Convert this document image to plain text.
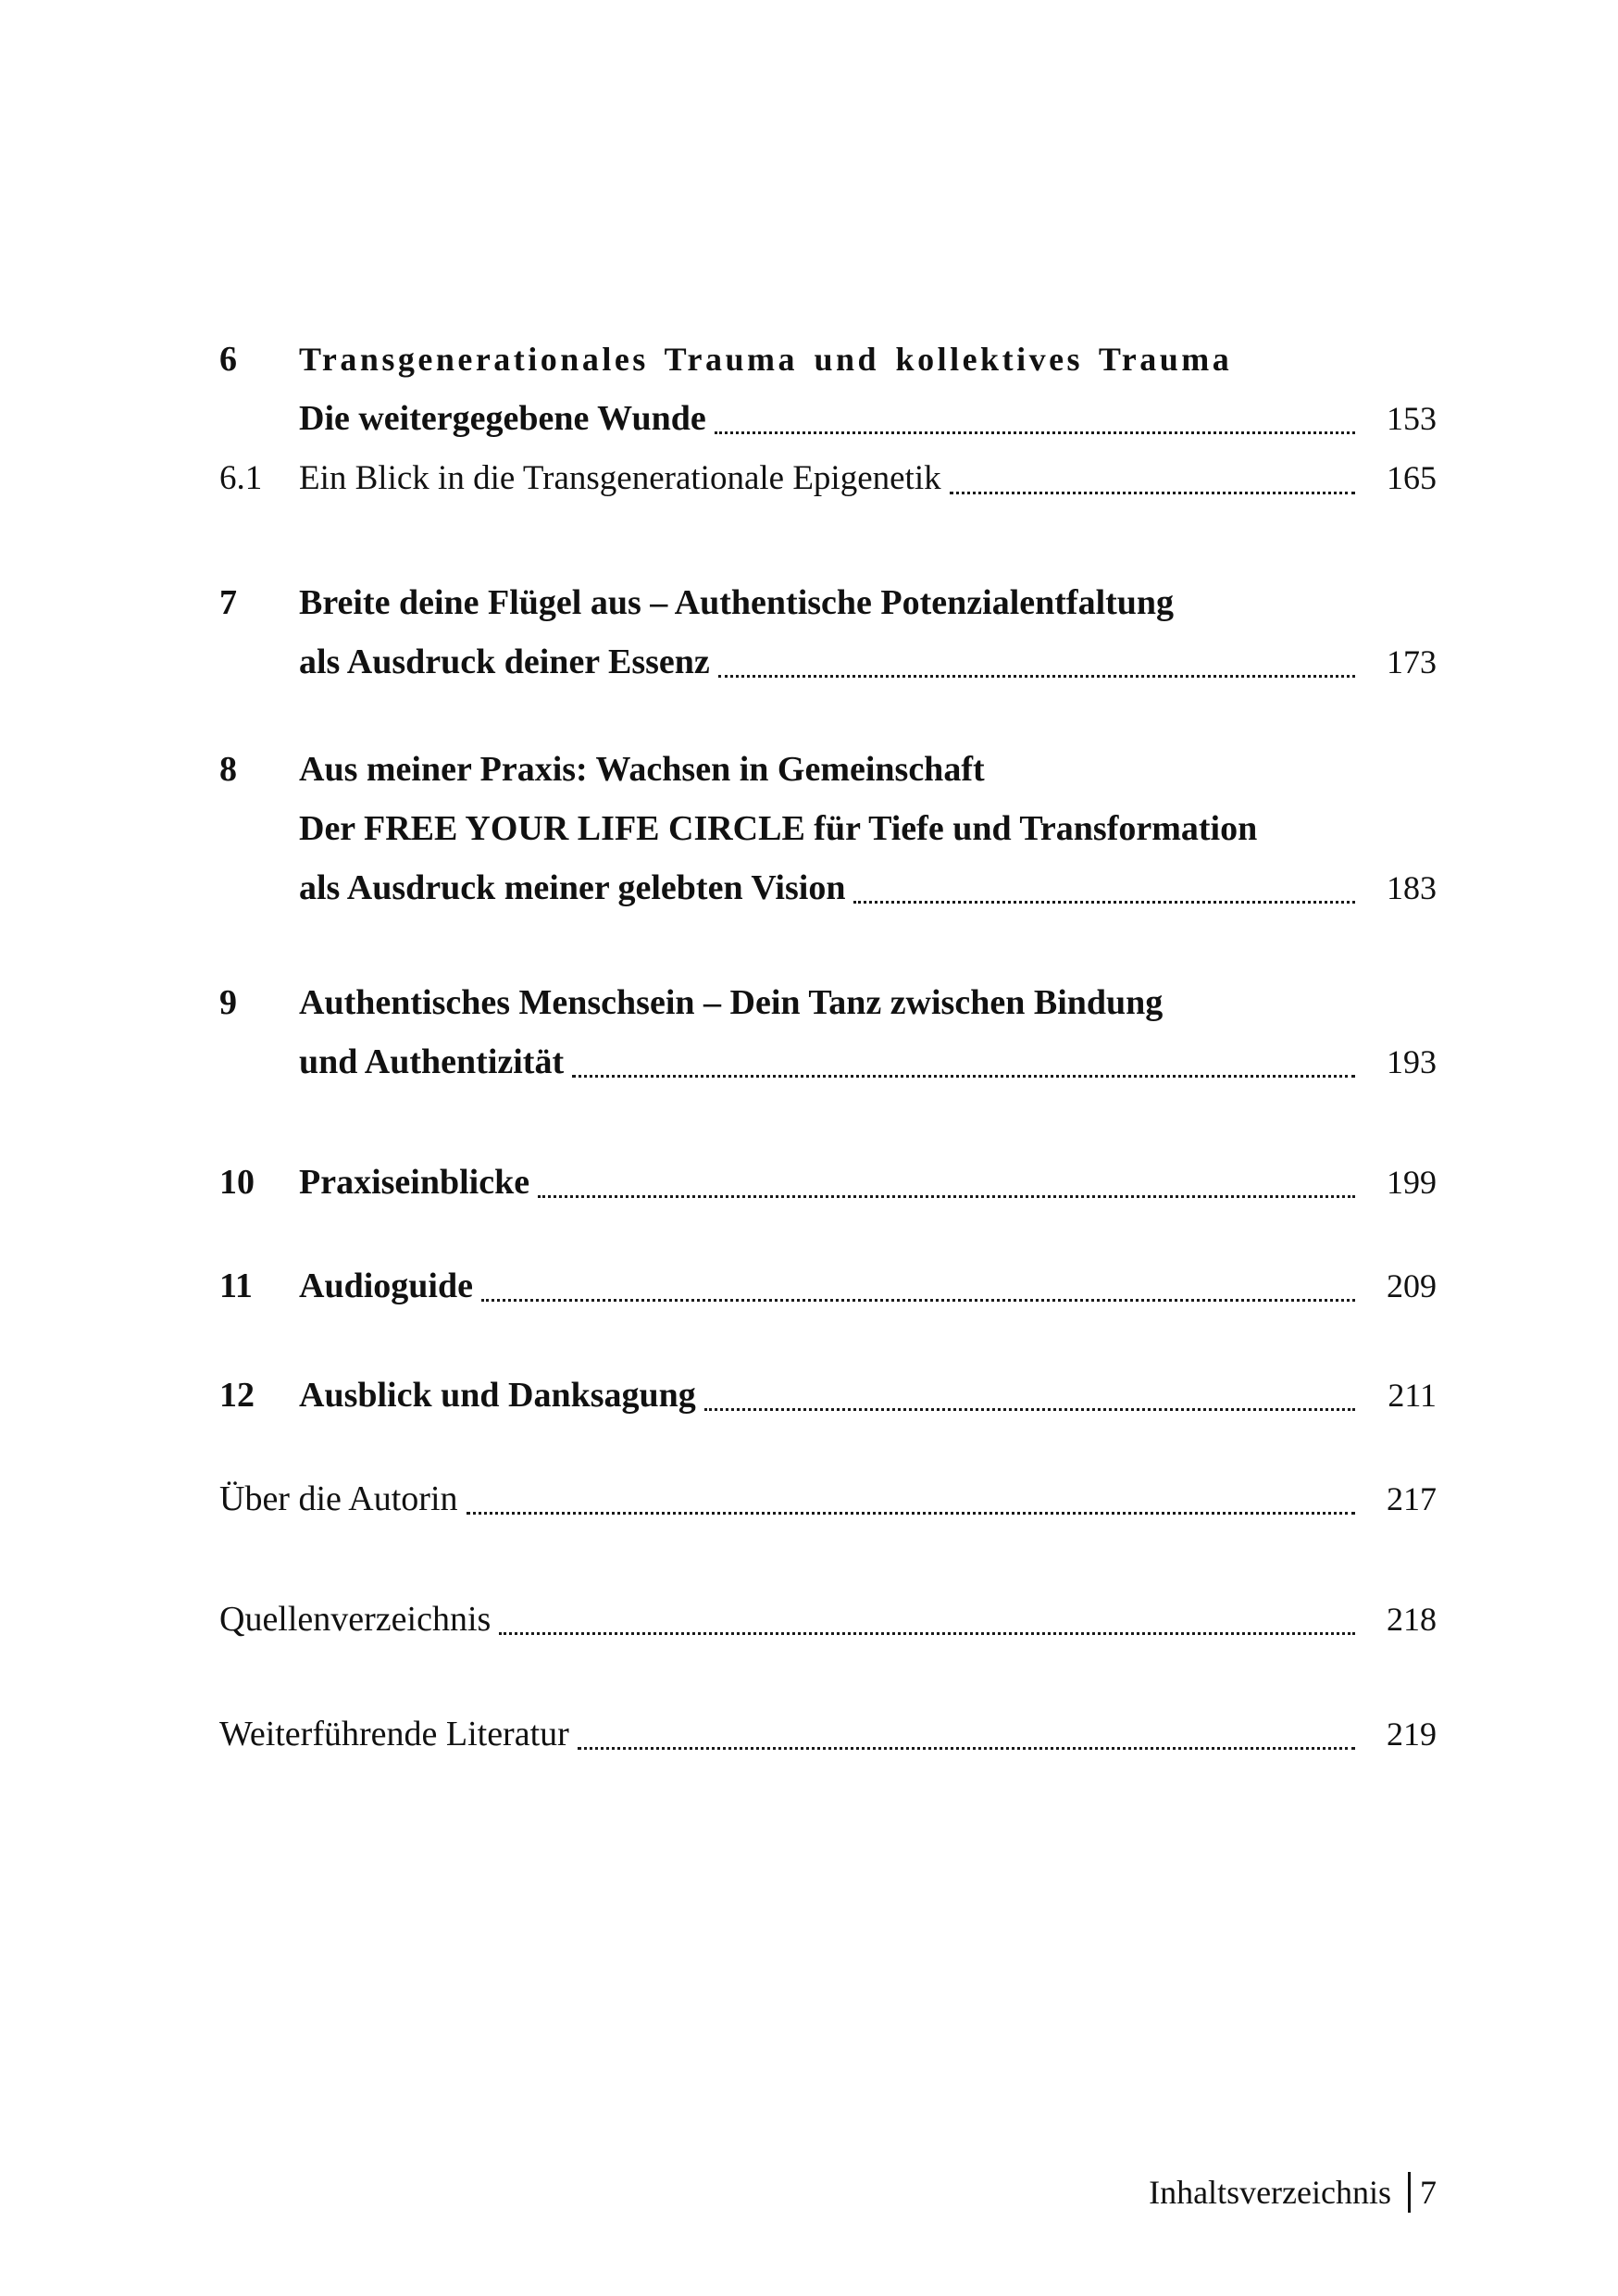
6	Transgenerationales Trauma und kollektives Trauma
Die weitergegebene Wunde	153
6.1	Ein Blick in die Transgenerationale Epigenetik	165
7	Breite deine Flügel aus – Authentische Potenzialentfaltung
als Ausdruck deiner Essenz	173
8	Aus meiner Praxis: Wachsen in Gemeinschaft
Der FREE YOUR LIFE CIRCLE für Tiefe und Transformation
als Ausdruck meiner gelebten Vision	183
9	Authentisches Menschsein – Dein Tanz zwischen Bindung
und Authentizität	193
10	Praxiseinblicke	199
11	Audioguide	209
12	Ausblick und Danksagung	211
Über die Autorin	217
Quellenverzeichnis	218
Weiterführende Literatur	219
Inhaltsverzeichnis 7
